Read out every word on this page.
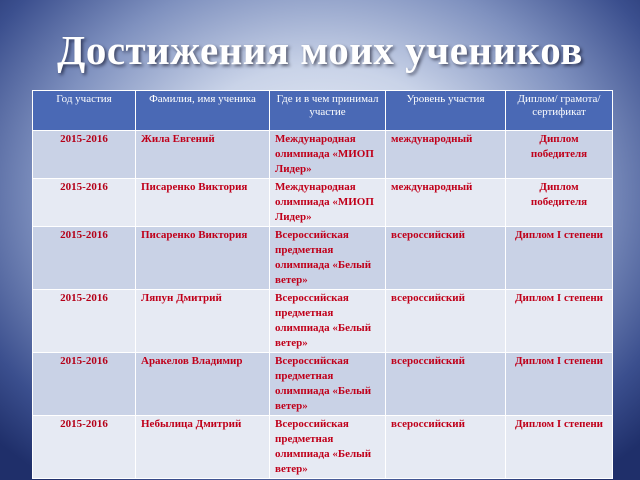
Достижения моих учеников
Год участия	Фамилия, имя ученика	Где и в чем принимал участие	Уровень участия	Диплом/ грамота/ сертификат
2015-2016	Жила Евгений	Международная олимпиада «МИОП Лидер»	международный	Диплом победителя
2015-2016	Писаренко Виктория	Международная олимпиада «МИОП Лидер»	международный	Диплом победителя
2015-2016	Писаренко Виктория	Всероссийская предметная олимпиада «Белый ветер»	всероссийский	Диплом I степени
2015-2016	Ляпун Дмитрий	Всероссийская предметная олимпиада «Белый ветер»	всероссийский	Диплом I степени
2015-2016	Аракелов Владимир	Всероссийская предметная олимпиада «Белый ветер»	всероссийский	Диплом I степени
2015-2016	Небылица Дмитрий	Всероссийская предметная олимпиада «Белый ветер»	всероссийский	Диплом I степени
